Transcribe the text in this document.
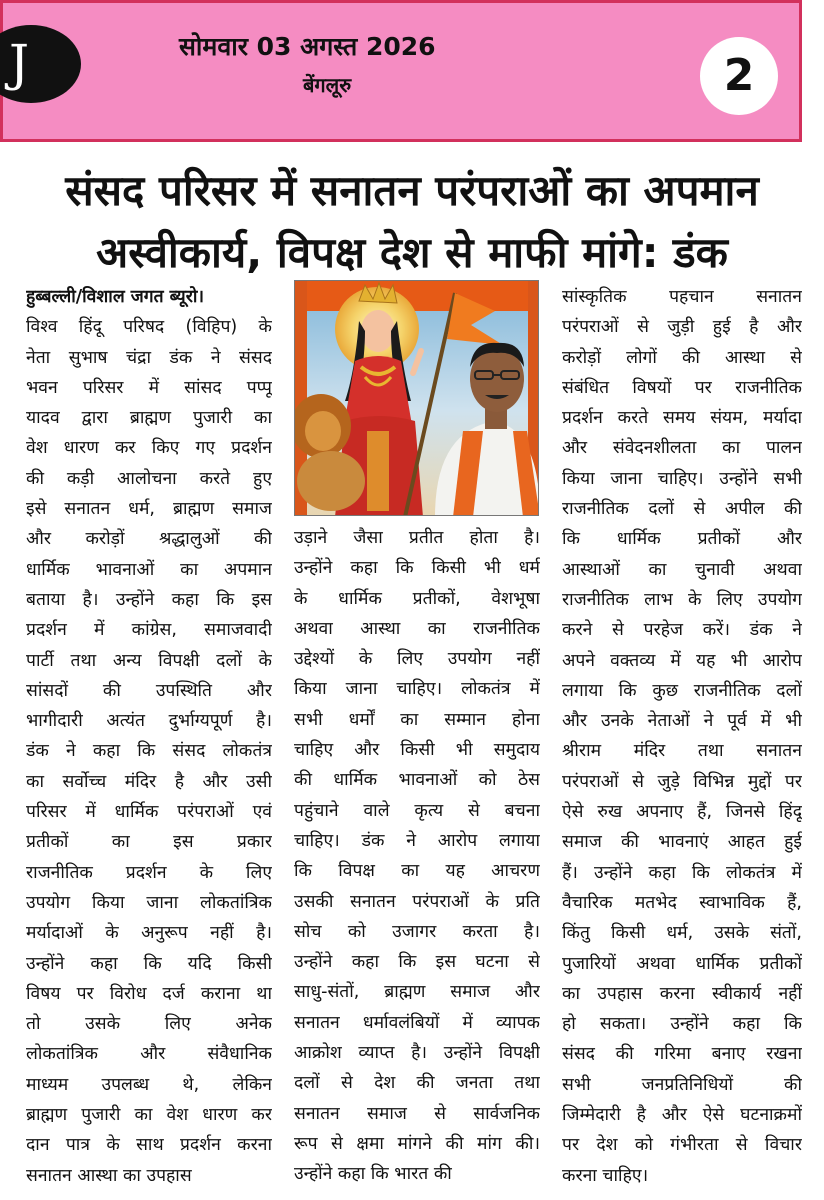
J	सोमवार 03 अगस्त 2026
बेंगलूरु	2
संसद परिसर में सनातन परंपराओं का अपमान
अस्वीकार्य, विपक्ष देश से माफी मांगे: डंक
हुब्बल्ली/विशाल जगत ब्यूरो।
विश्व हिंदू परिषद (विहिप) के
नेता सुभाष चंद्रा डंक ने संसद
भवन परिसर में सांसद पप्पू
यादव द्वारा ब्राह्मण पुजारी का
वेश धारण कर किए गए प्रदर्शन
की कड़ी आलोचना करते हुए
इसे सनातन धर्म, ब्राह्मण समाज
और करोड़ों श्रद्धालुओं की
धार्मिक भावनाओं का अपमान
बताया है। उन्होंने कहा कि इस
प्रदर्शन में कांग्रेस, समाजवादी
पार्टी तथा अन्य विपक्षी दलों के
सांसदों की उपस्थिति और
भागीदारी अत्यंत दुर्भाग्यपूर्ण है।
डंक ने कहा कि संसद लोकतंत्र
का सर्वोच्च मंदिर है और उसी
परिसर में धार्मिक परंपराओं एवं
प्रतीकों का इस प्रकार
राजनीतिक प्रदर्शन के लिए
उपयोग किया जाना लोकतांत्रिक
मर्यादाओं के अनुरूप नहीं है।
उन्होंने कहा कि यदि किसी
विषय पर विरोध दर्ज कराना था
तो उसके लिए अनेक
लोकतांत्रिक और संवैधानिक
माध्यम उपलब्ध थे, लेकिन
ब्राह्मण पुजारी का वेश धारण कर
दान पात्र के साथ प्रदर्शन करना
सनातन आस्था का उपहास
उड़ाने जैसा प्रतीत होता है।
उन्होंने कहा कि किसी भी धर्म
के धार्मिक प्रतीकों, वेशभूषा
अथवा आस्था का राजनीतिक
उद्देश्यों के लिए उपयोग नहीं
किया जाना चाहिए। लोकतंत्र में
सभी धर्मों का सम्मान होना
चाहिए और किसी भी समुदाय
की धार्मिक भावनाओं को ठेस
पहुंचाने वाले कृत्य से बचना
चाहिए। डंक ने आरोप लगाया
कि विपक्ष का यह आचरण
उसकी सनातन परंपराओं के प्रति
सोच को उजागर करता है।
उन्होंने कहा कि इस घटना से
साधु-संतों, ब्राह्मण समाज और
सनातन धर्मावलंबियों में व्यापक
आक्रोश व्याप्त है। उन्होंने विपक्षी
दलों से देश की जनता तथा
सनातन समाज से सार्वजनिक
रूप से क्षमा मांगने की मांग की।
उन्होंने कहा कि भारत की
सांस्कृतिक पहचान सनातन
परंपराओं से जुड़ी हुई है और
करोड़ों लोगों की आस्था से
संबंधित विषयों पर राजनीतिक
प्रदर्शन करते समय संयम, मर्यादा
और संवेदनशीलता का पालन
किया जाना चाहिए। उन्होंने सभी
राजनीतिक दलों से अपील की
कि धार्मिक प्रतीकों और
आस्थाओं का चुनावी अथवा
राजनीतिक लाभ के लिए उपयोग
करने से परहेज करें। डंक ने
अपने वक्तव्य में यह भी आरोप
लगाया कि कुछ राजनीतिक दलों
और उनके नेताओं ने पूर्व में भी
श्रीराम मंदिर तथा सनातन
परंपराओं से जुड़े विभिन्न मुद्दों पर
ऐसे रुख अपनाए हैं, जिनसे हिंदू
समाज की भावनाएं आहत हुई
हैं। उन्होंने कहा कि लोकतंत्र में
वैचारिक मतभेद स्वाभाविक हैं,
किंतु किसी धर्म, उसके संतों,
पुजारियों अथवा धार्मिक प्रतीकों
का उपहास करना स्वीकार्य नहीं
हो सकता। उन्होंने कहा कि
संसद की गरिमा बनाए रखना
सभी जनप्रतिनिधियों की
जिम्मेदारी है और ऐसे घटनाक्रमों
पर देश को गंभीरता से विचार
करना चाहिए।
